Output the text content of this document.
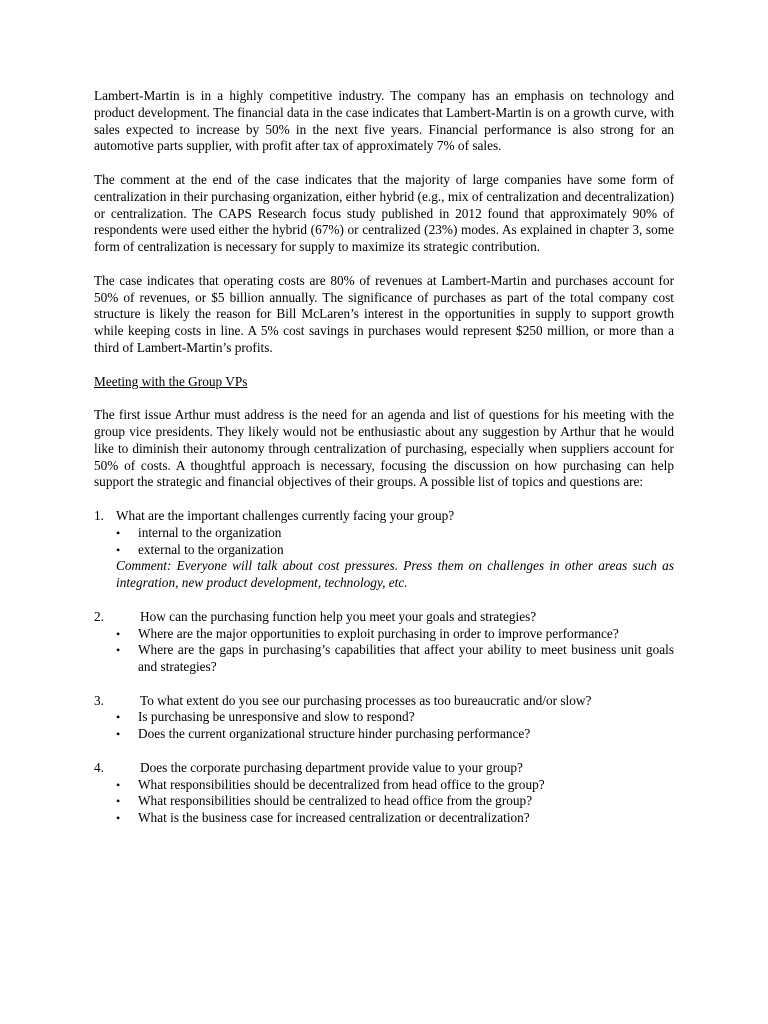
Lambert-Martin is in a highly competitive industry. The company has an emphasis on technology and product development. The financial data in the case indicates that Lambert-Martin is on a growth curve, with sales expected to increase by 50% in the next five years. Financial performance is also strong for an automotive parts supplier, with profit after tax of approximately 7% of sales.

The comment at the end of the case indicates that the majority of large companies have some form of centralization in their purchasing organization, either hybrid (e.g., mix of centralization and decentralization) or centralization. The CAPS Research focus study published in 2012 found that approximately 90% of respondents were used either the hybrid (67%) or centralized (23%) modes. As explained in chapter 3, some form of centralization is necessary for supply to maximize its strategic contribution.

The case indicates that operating costs are 80% of revenues at Lambert-Martin and purchases account for 50% of revenues, or $5 billion annually. The significance of purchases as part of the total company cost structure is likely the reason for Bill McLaren’s interest in the opportunities in supply to support growth while keeping costs in line. A 5% cost savings in purchases would represent $250 million, or more than a third of Lambert-Martin’s profits.

Meeting with the Group VPs

The first issue Arthur must address is the need for an agenda and list of questions for his meeting with the group vice presidents. They likely would not be enthusiastic about any suggestion by Arthur that he would like to diminish their autonomy through centralization of purchasing, especially when suppliers account for 50% of costs. A thoughtful approach is necessary, focusing the discussion on how purchasing can help support the strategic and financial objectives of their groups. A possible list of topics and questions are:

1. What are the important challenges currently facing your group?
•	internal to the organization
•	external to the organization
Comment: Everyone will talk about cost pressures. Press them on challenges in other areas such as integration, new product development, technology, etc.
2.	How can the purchasing function help you meet your goals and strategies?
•	Where are the major opportunities to exploit purchasing in order to improve performance?
•	Where are the gaps in purchasing’s capabilities that affect your ability to meet business unit goals and strategies?
3.	To what extent do you see our purchasing processes as too bureaucratic and/or slow?
•	Is purchasing be unresponsive and slow to respond?
•	Does the current organizational structure hinder purchasing performance?
4.	Does the corporate purchasing department provide value to your group?
•	What responsibilities should be decentralized from head office to the group?
•	What responsibilities should be centralized to head office from the group?
•	What is the business case for increased centralization or decentralization?
